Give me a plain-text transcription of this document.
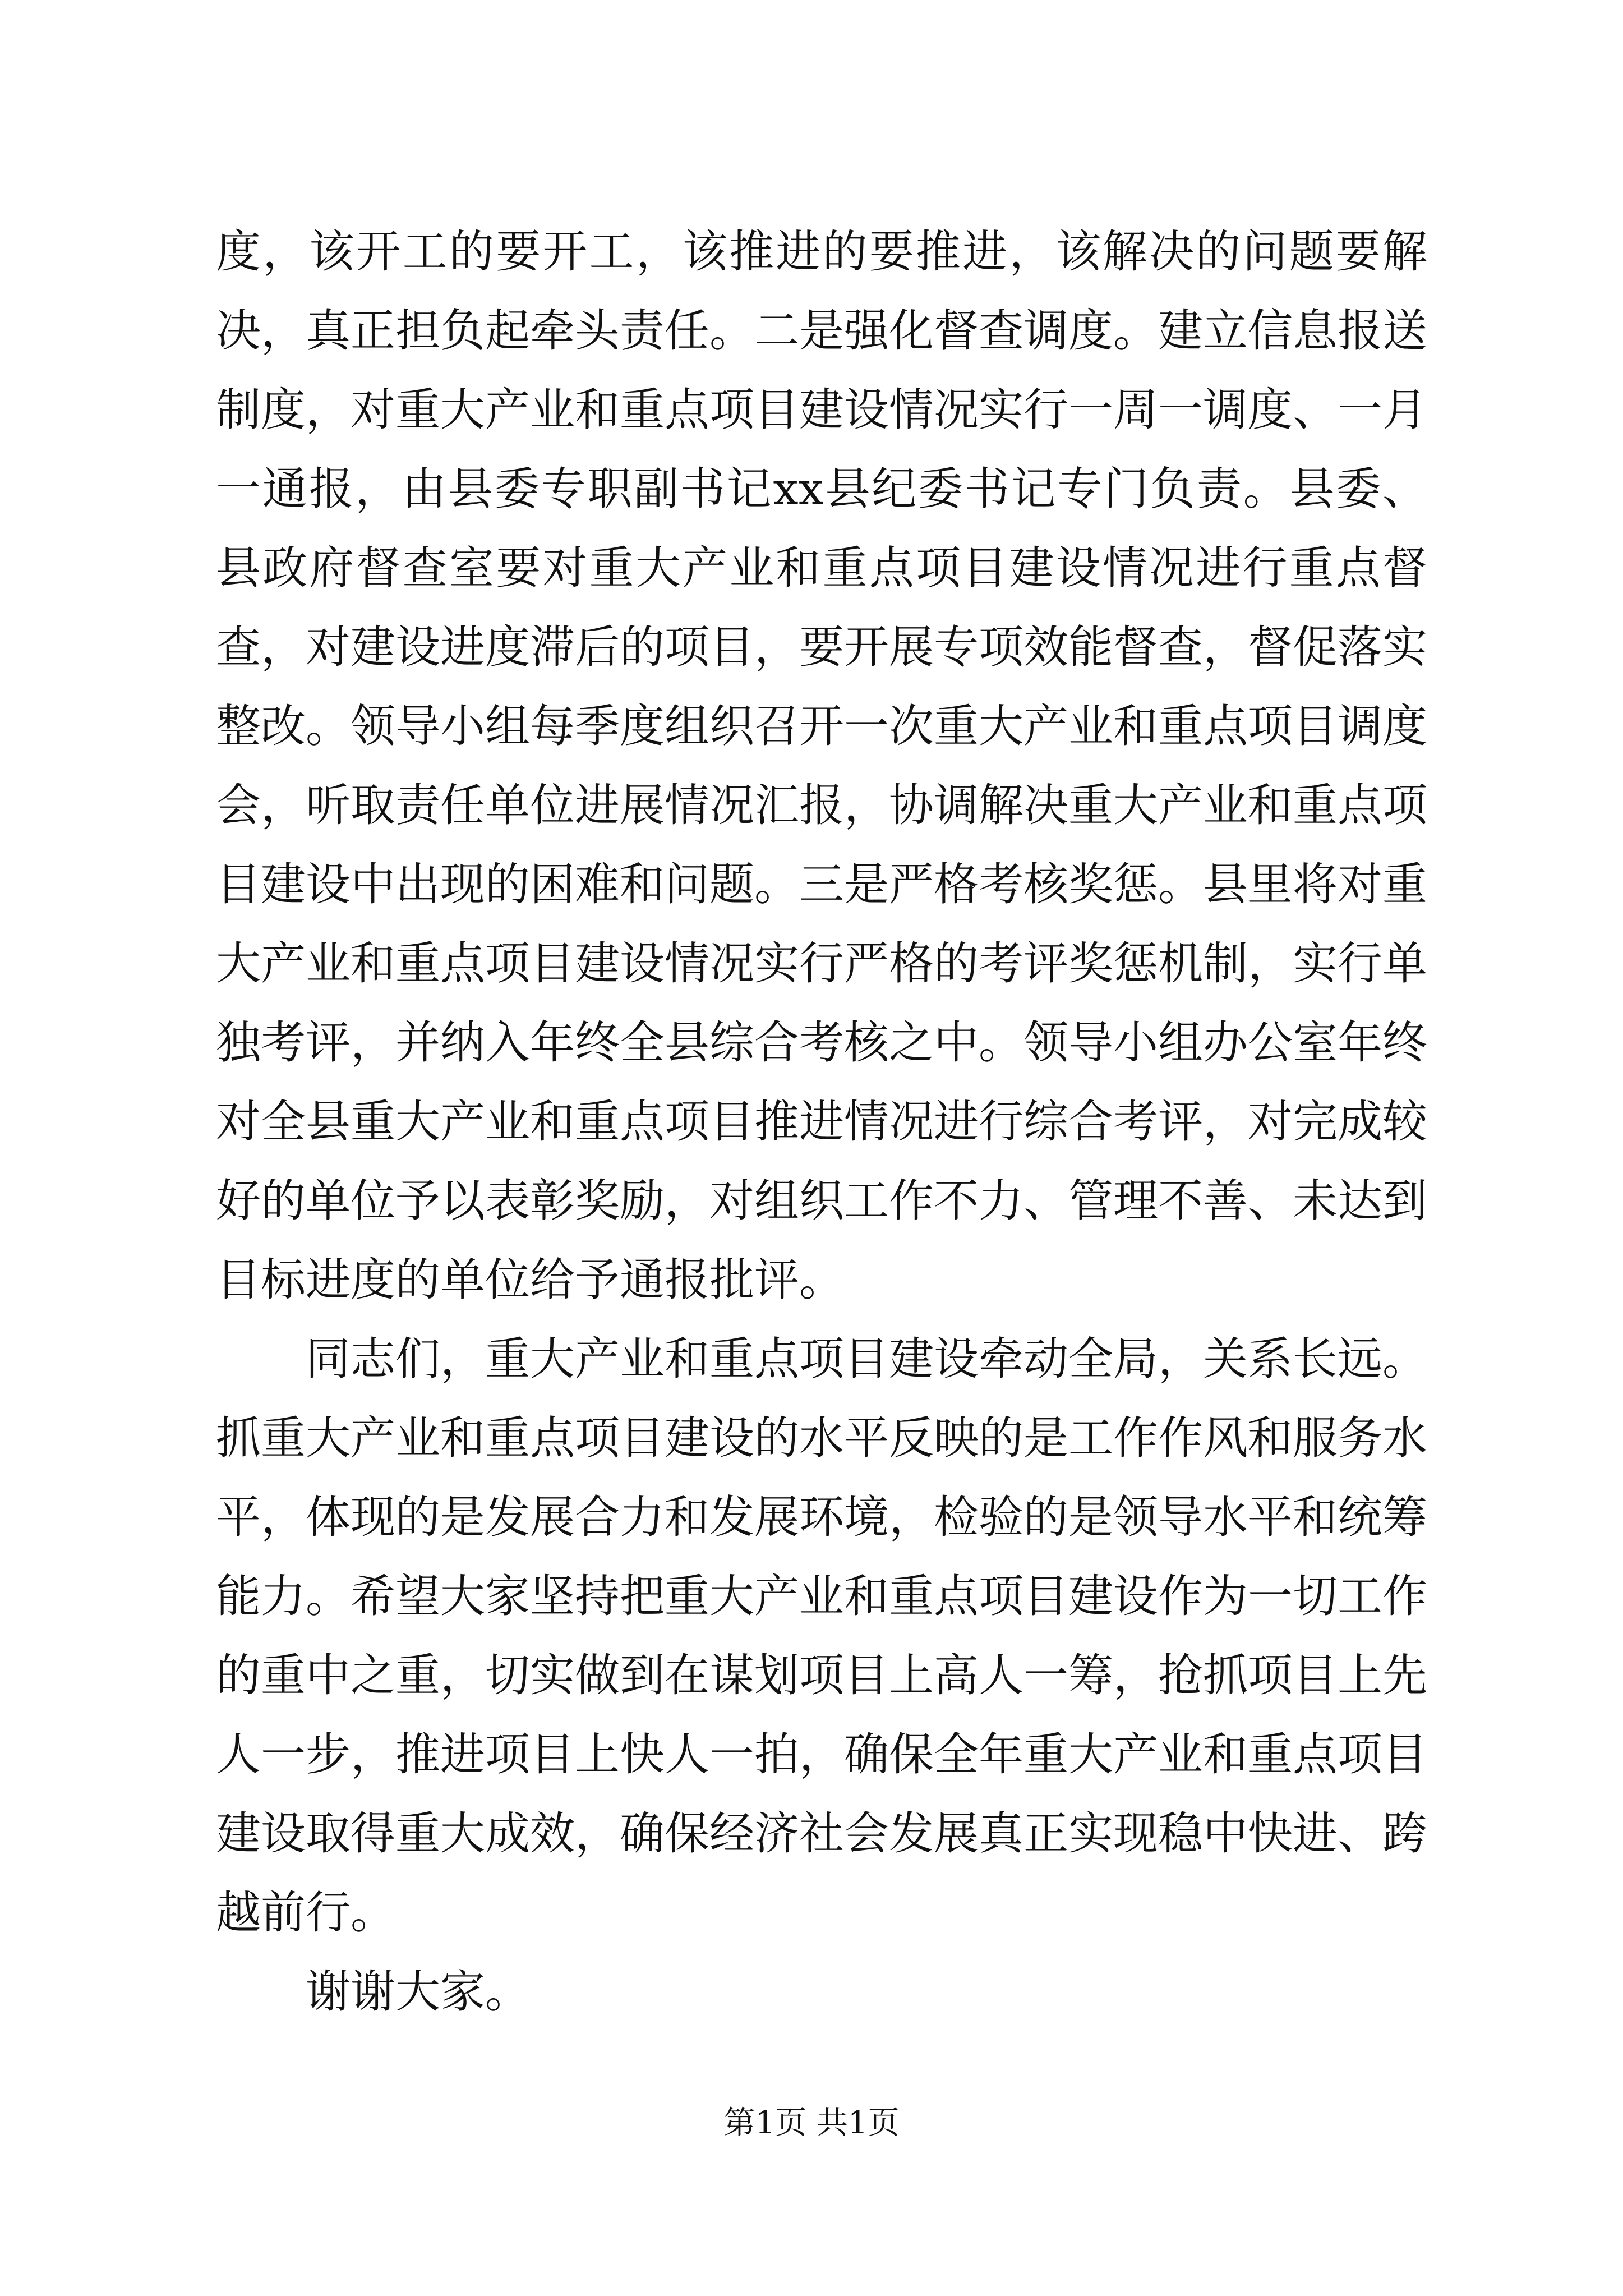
度，该开工的要开工，该推进的要推进，该解决的问题要解决，真正担负起牵头责任。二是强化督查调度。建立信息报送制度，对重大产业和重点项目建设情况实行一周一调度、一月一通报，由县委专职副书记xx县纪委书记专门负责。县委、县政府督查室要对重大产业和重点项目建设情况进行重点督查，对建设进度滞后的项目，要开展专项效能督查，督促落实整改。领导小组每季度组织召开一次重大产业和重点项目调度会，听取责任单位进展情况汇报，协调解决重大产业和重点项目建设中出现的困难和问题。三是严格考核奖惩。县里将对重大产业和重点项目建设情况实行严格的考评奖惩机制，实行单独考评，并纳入年终全县综合考核之中。领导小组办公室年终对全县重大产业和重点项目推进情况进行综合考评，对完成较好的单位予以表彰奖励，对组织工作不力、管理不善、未达到目标进度的单位给予通报批评。

同志们，重大产业和重点项目建设牵动全局，关系长远。抓重大产业和重点项目建设的水平反映的是工作作风和服务水平，体现的是发展合力和发展环境，检验的是领导水平和统筹能力。希望大家坚持把重大产业和重点项目建设作为一切工作的重中之重，切实做到在谋划项目上高人一筹，抢抓项目上先人一步，推进项目上快人一拍，确保全年重大产业和重点项目建设取得重大成效，确保经济社会发展真正实现稳中快进、跨越前行。

谢谢大家。

第1页 共1页
